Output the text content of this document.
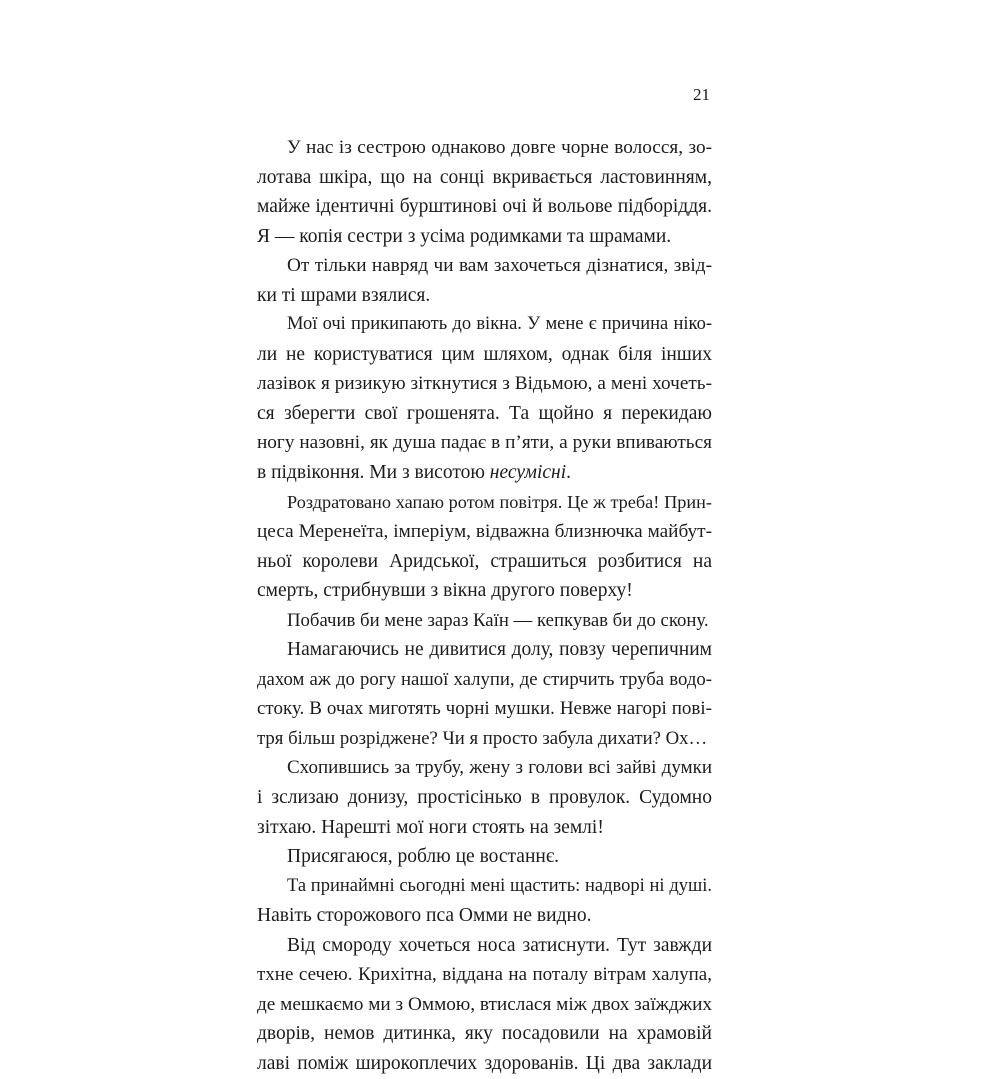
21
У нас із сестрою однаково довге чорне волосся, зо-
лотава шкіра, що на сонці вкривається ластовинням,
майже ідентичні бурштинові очі й вольове підборіддя.
Я — копія сестри з усіма родимками та шрамами.
От тільки навряд чи вам захочеться дізнатися, звід-
ки ті шрами взялися.
Мої очі прикипають до вікна. У мене є причина ніко-
ли не користуватися цим шляхом, однак біля інших
лазівок я ризикую зіткнутися з Відьмою, а мені хочеть-
ся зберегти свої грошенята. Та щойно я перекидаю
ногу назовні, як душа падає в п’яти, а руки впиваються
в підвіконня. Ми з висотою несумісні.
Роздратовано хапаю ротом повітря. Це ж треба! Прин-
цеса Меренеїта, імперіум, відважна близнючка майбут-
ньої королеви Аридської, страшиться розбитися на
смерть, стрибнувши з вікна другого поверху!
Побачив би мене зараз Каїн — кепкував би до скону.
Намагаючись не дивитися долу, повзу черепичним
дахом аж до рогу нашої халупи, де стирчить труба водо-
стоку. В очах миготять чорні мушки. Невже нагорі пові-
тря більш розріджене? Чи я просто забула дихати? Ох…
Схопившись за трубу, жену з голови всі зайві думки
і зслизаю донизу, простісінько в провулок. Судомно
зітхаю. Нарешті мої ноги стоять на землі!
Присягаюся, роблю це востаннє.
Та принаймні сьогодні мені щастить: надворі ні душі.
Навіть сторожового пса Омми не видно.
Від смороду хочеться носа затиснути. Тут завжди
тхне сечею. Крихітна, віддана на поталу вітрам халупа,
де мешкаємо ми з Оммою, втислася між двох заїжджих
дворів, немов дитинка, яку посадовили на храмовій
лаві поміж широкоплечих здорованів. Ці два заклади
